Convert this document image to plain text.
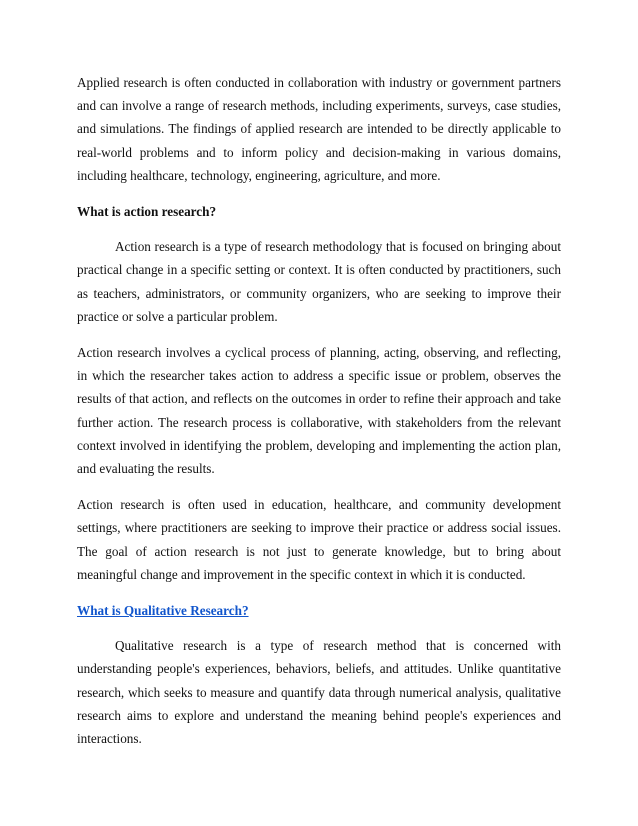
Applied research is often conducted in collaboration with industry or government partners and can involve a range of research methods, including experiments, surveys, case studies, and simulations. The findings of applied research are intended to be directly applicable to real-world problems and to inform policy and decision-making in various domains, including healthcare, technology, engineering, agriculture, and more.

What is action research?

Action research is a type of research methodology that is focused on bringing about practical change in a specific setting or context. It is often conducted by practitioners, such as teachers, administrators, or community organizers, who are seeking to improve their practice or solve a particular problem.

Action research involves a cyclical process of planning, acting, observing, and reflecting, in which the researcher takes action to address a specific issue or problem, observes the results of that action, and reflects on the outcomes in order to refine their approach and take further action. The research process is collaborative, with stakeholders from the relevant context involved in identifying the problem, developing and implementing the action plan, and evaluating the results.

Action research is often used in education, healthcare, and community development settings, where practitioners are seeking to improve their practice or address social issues. The goal of action research is not just to generate knowledge, but to bring about meaningful change and improvement in the specific context in which it is conducted.

What is Qualitative Research?

Qualitative research is a type of research method that is concerned with understanding people's experiences, behaviors, beliefs, and attitudes. Unlike quantitative research, which seeks to measure and quantify data through numerical analysis, qualitative research aims to explore and understand the meaning behind people's experiences and interactions.
